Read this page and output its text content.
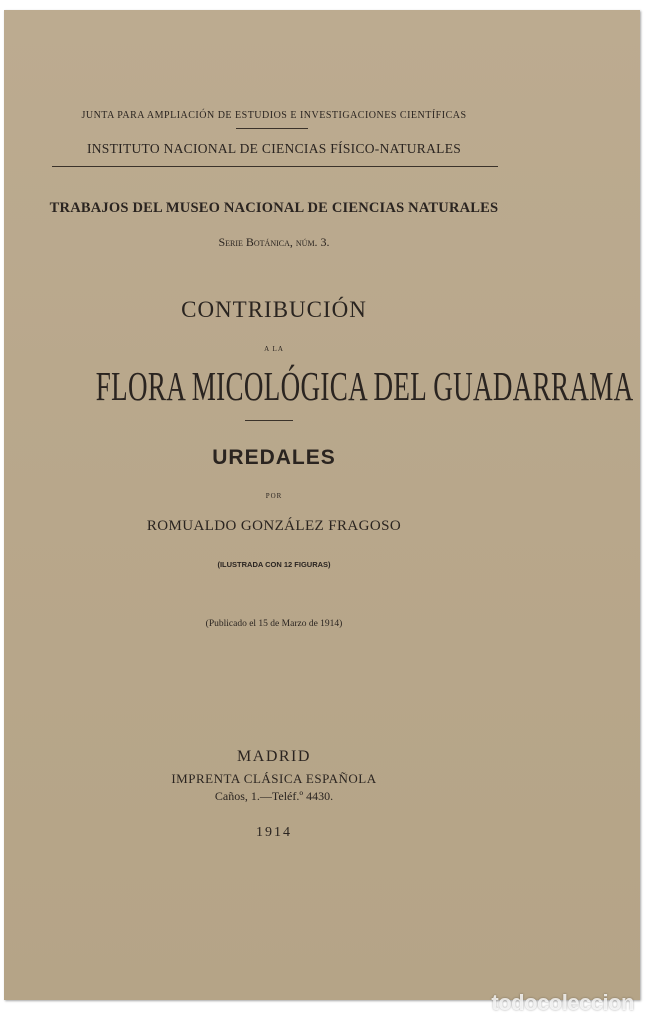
JUNTA PARA AMPLIACIÓN DE ESTUDIOS E INVESTIGACIONES CIENTÍFICAS
INSTITUTO NACIONAL DE CIENCIAS FÍSICO-NATURALES
TRABAJOS DEL MUSEO NACIONAL DE CIENCIAS NATURALES
Serie Botánica, núm. 3.
CONTRIBUCIÓN
A LA
FLORA MICOLÓGICA DEL GUADARRAMA
UREDALES
POR
ROMUALDO GONZÁLEZ FRAGOSO
(ILUSTRADA CON 12 FIGURAS)
(Publicado el 15 de Marzo de 1914)
MADRID
IMPRENTA CLÁSICA ESPAÑOLA
Caños, 1.—Teléf.º 4430.
1914
todocoleccion
